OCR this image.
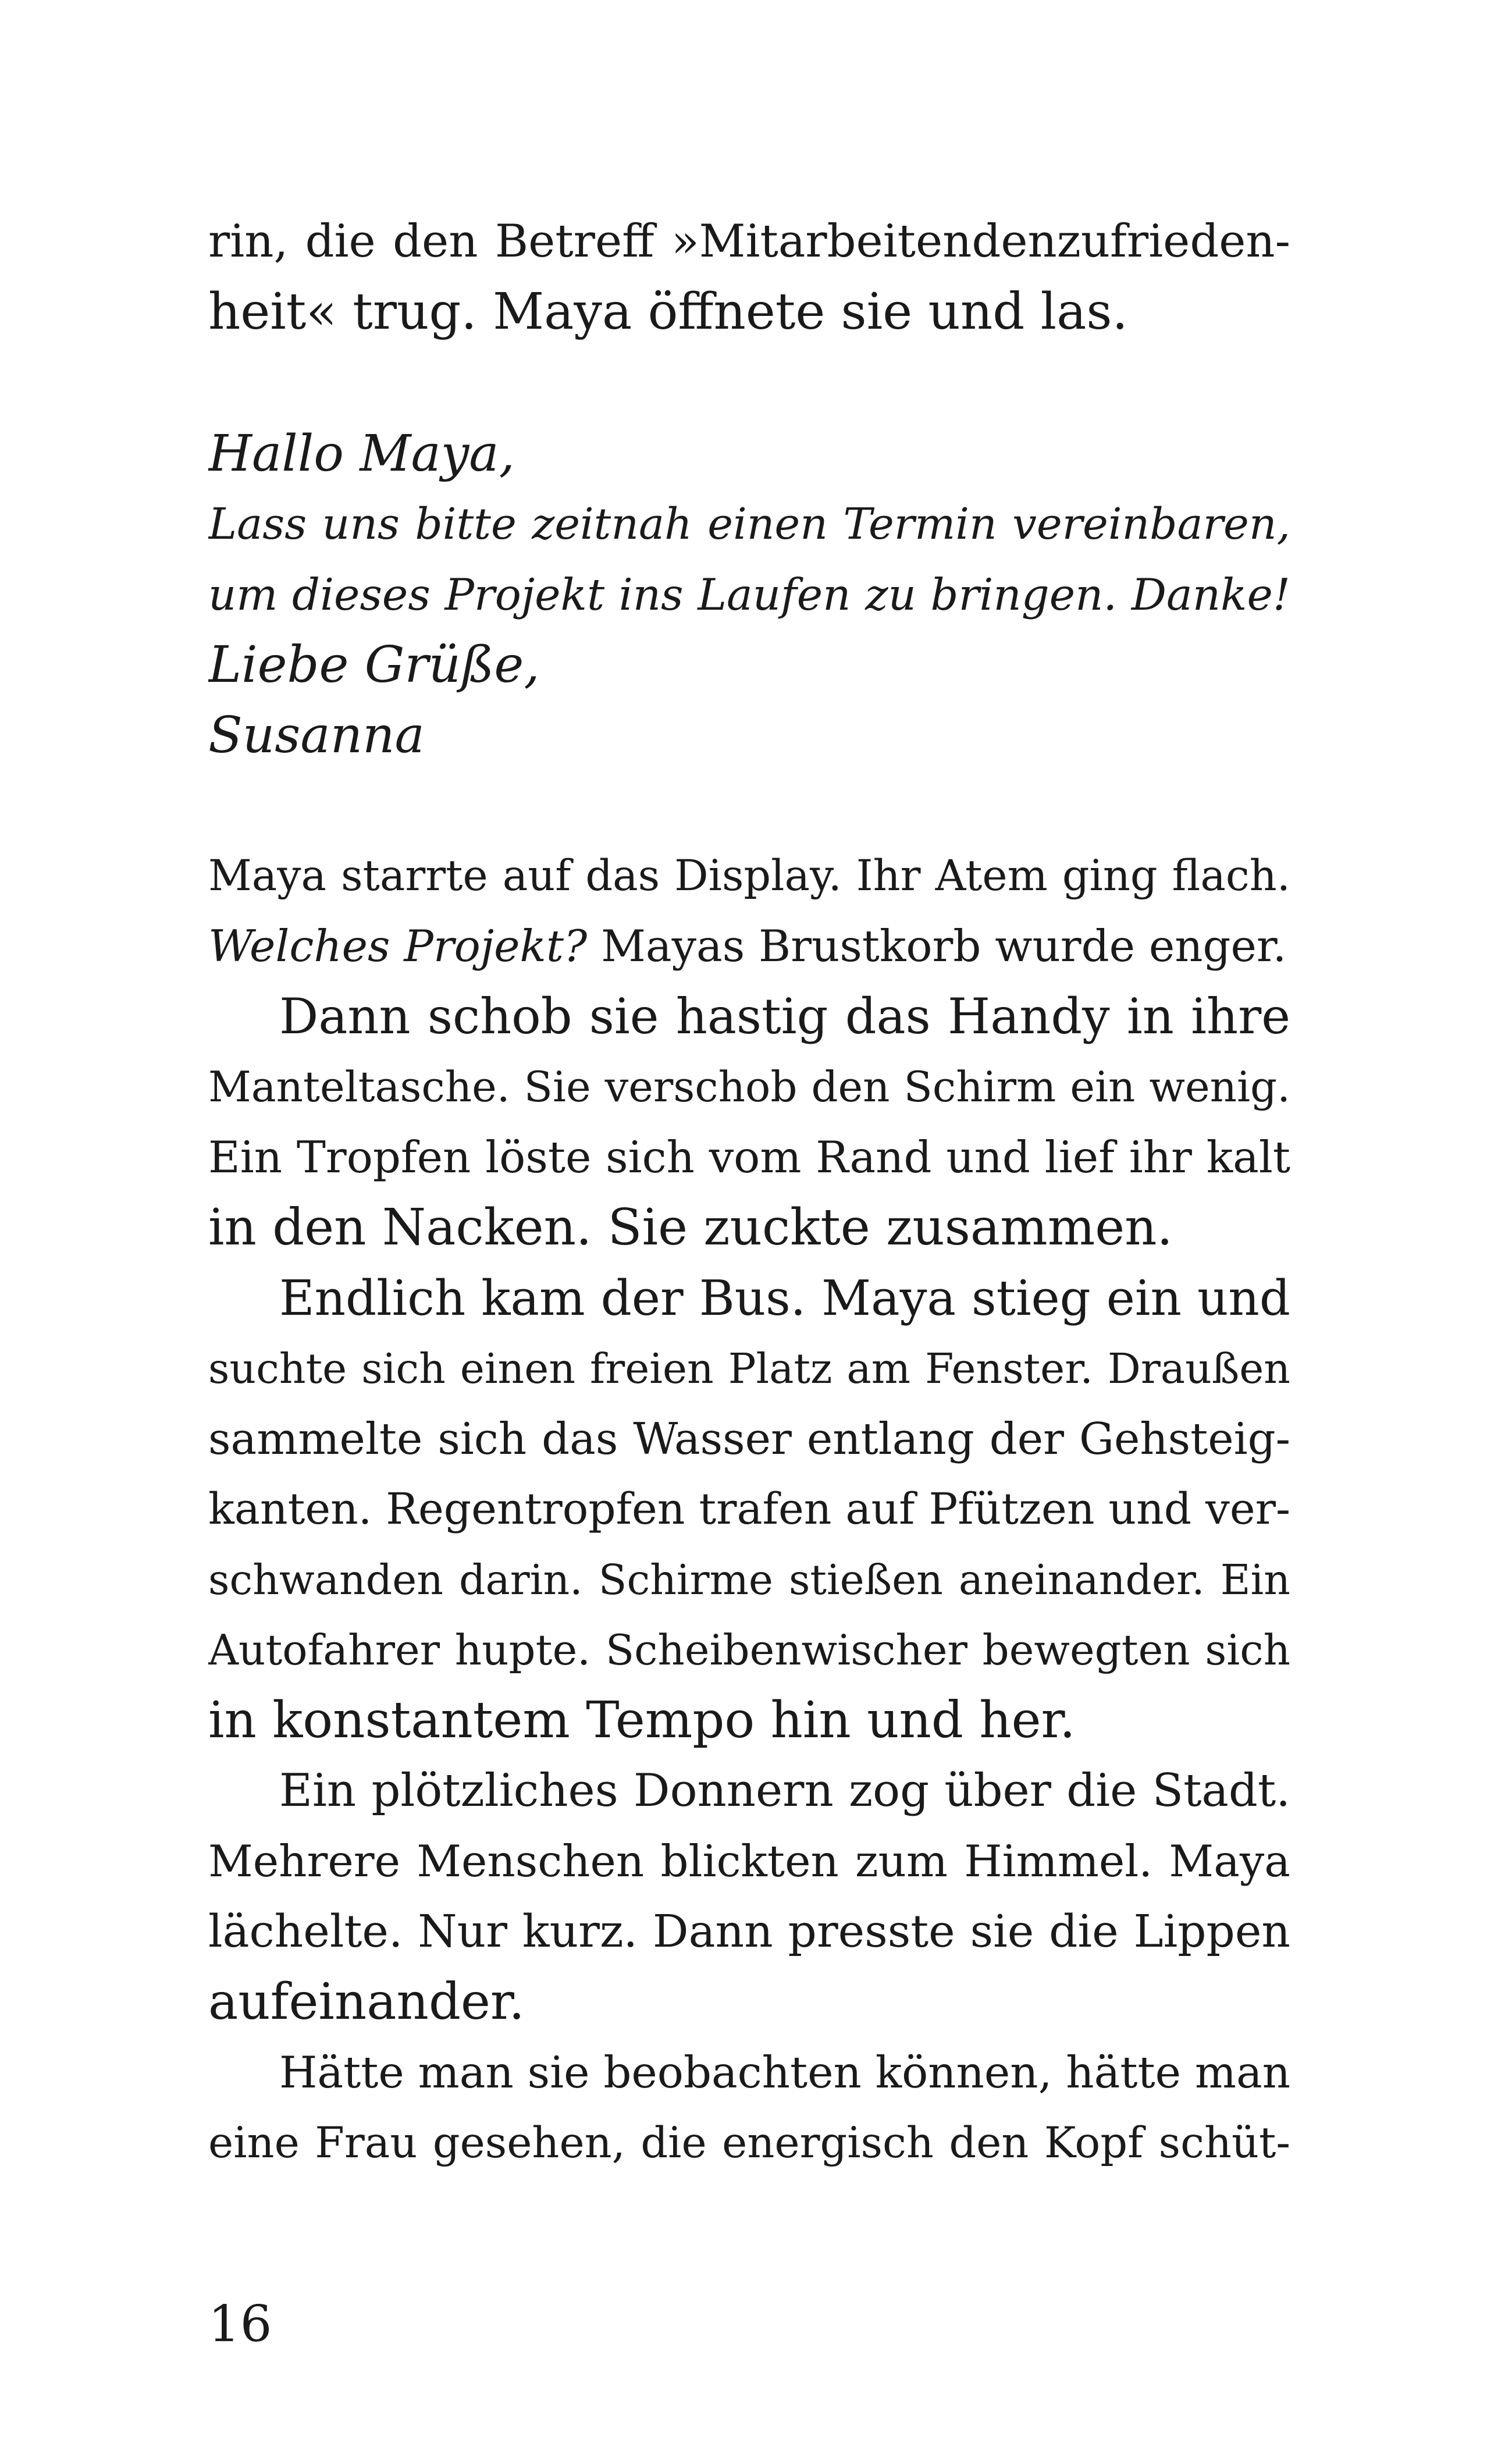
rin, die den Betreff »Mitarbeitendenzufrieden-
heit« trug. Maya öffnete sie und las.
Hallo Maya,
Lass uns bitte zeitnah einen Termin vereinbaren,
um dieses Projekt ins Laufen zu bringen. Danke!
Liebe Grüße,
Susanna
Maya starrte auf das Display. Ihr Atem ging flach.
Welches Projekt? Mayas Brustkorb wurde enger.
Dann schob sie hastig das Handy in ihre
Manteltasche. Sie verschob den Schirm ein wenig.
Ein Tropfen löste sich vom Rand und lief ihr kalt
in den Nacken. Sie zuckte zusammen.
Endlich kam der Bus. Maya stieg ein und
suchte sich einen freien Platz am Fenster. Draußen
sammelte sich das Wasser entlang der Gehsteig-
kanten. Regentropfen trafen auf Pfützen und ver-
schwanden darin. Schirme stießen aneinander. Ein
Autofahrer hupte. Scheibenwischer bewegten sich
in konstantem Tempo hin und her.
Ein plötzliches Donnern zog über die Stadt.
Mehrere Menschen blickten zum Himmel. Maya
lächelte. Nur kurz. Dann presste sie die Lippen
aufeinander.
Hätte man sie beobachten können, hätte man
eine Frau gesehen, die energisch den Kopf schüt-
16
